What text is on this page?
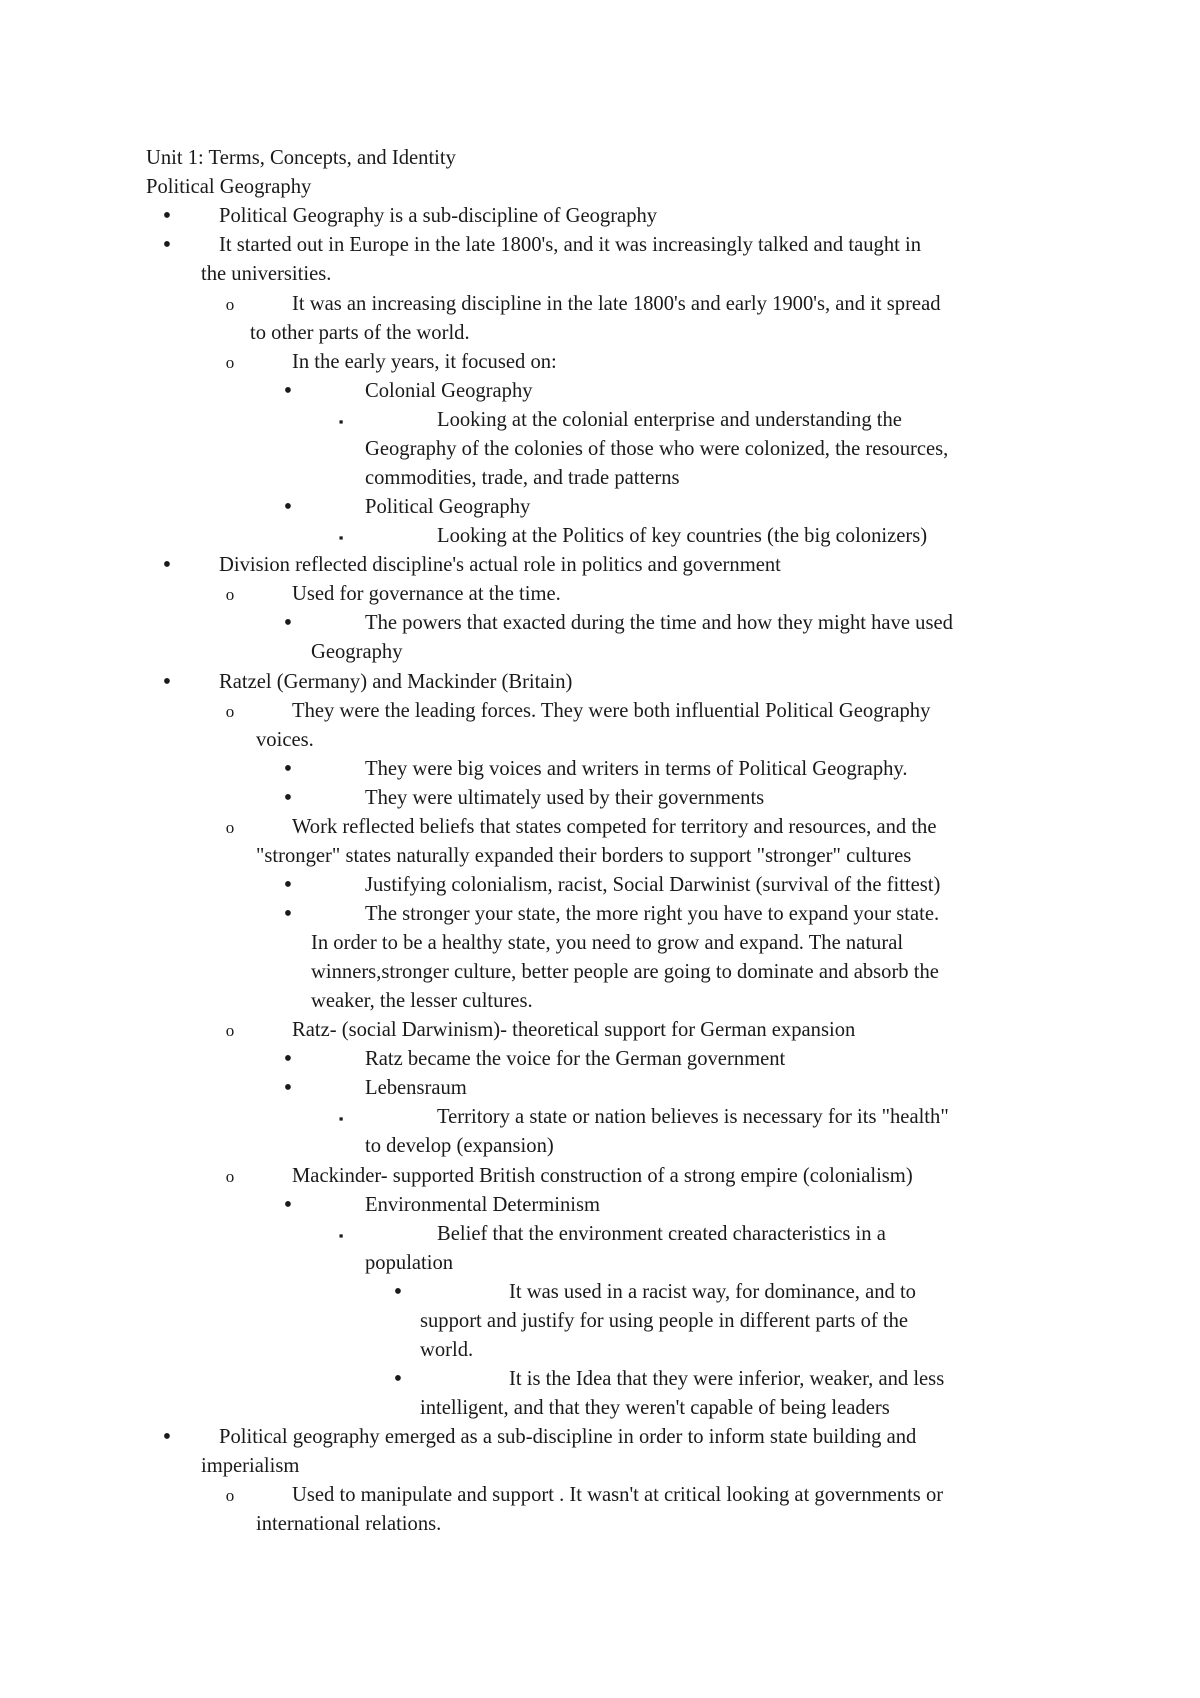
Unit 1: Terms, Concepts, and Identity
Political Geography
•
Political Geography is a sub-discipline of Geography
•
It started out in Europe in the late 1800's, and it was increasingly talked and taught in
the universities.
o
It was an increasing discipline in the late 1800's and early 1900's, and it spread
to other parts of the world.
o
In the early years, it focused on:
•
Colonial Geography
▪
Looking at the colonial enterprise and understanding the
Geography of the colonies of those who were colonized, the resources,
commodities, trade, and trade patterns
•
Political Geography
▪
Looking at the Politics of key countries (the big colonizers)
•
Division reflected discipline's actual role in politics and government
o
Used for governance at the time.
•
The powers that exacted during the time and how they might have used
Geography
•
Ratzel (Germany) and Mackinder (Britain)
o
They were the leading forces. They were both influential Political Geography
voices.
•
They were big voices and writers in terms of Political Geography.
•
They were ultimately used by their governments
o
Work reflected beliefs that states competed for territory and resources, and the
"stronger" states naturally expanded their borders to support "stronger" cultures
•
Justifying colonialism, racist, Social Darwinist (survival of the fittest)
•
The stronger your state, the more right you have to expand your state.
In order to be a healthy state, you need to grow and expand. The natural
winners,stronger culture, better people are going to dominate and absorb the
weaker, the lesser cultures.
o
Ratz- (social Darwinism)- theoretical support for German expansion
•
Ratz became the voice for the German government
•
Lebensraum
▪
Territory a state or nation believes is necessary for its "health"
to develop (expansion)
o
Mackinder- supported British construction of a strong empire (colonialism)
•
Environmental Determinism
▪
Belief that the environment created characteristics in a
population
•
It was used in a racist way, for dominance, and to
support and justify for using people in different parts of the
world.
•
It is the Idea that they were inferior, weaker, and less
intelligent, and that they weren't capable of being leaders
•
Political geography emerged as a sub-discipline in order to inform state building and
imperialism
o
Used to manipulate and support . It wasn't at critical looking at governments or
international relations.
